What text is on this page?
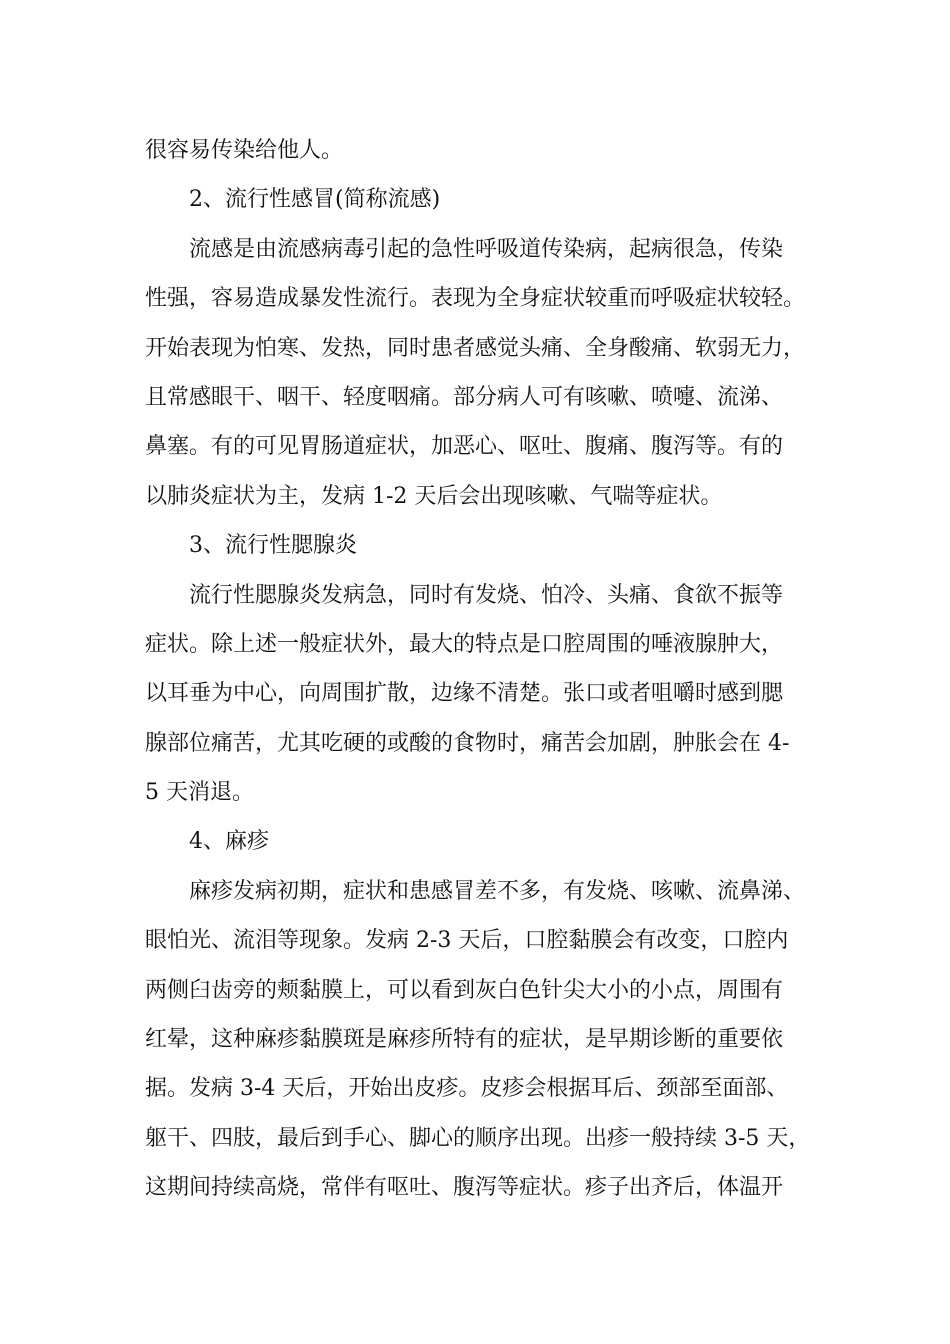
很容易传染给他人。
2、流行性感冒(简称流感)
流感是由流感病毒引起的急性呼吸道传染病，起病很急，传染
性强，容易造成暴发性流行。表现为全身症状较重而呼吸症状较轻。
开始表现为怕寒、发热，同时患者感觉头痛、全身酸痛、软弱无力，
且常感眼干、咽干、轻度咽痛。部分病人可有咳嗽、喷嚏、流涕、
鼻塞。有的可见胃肠道症状，加恶心、呕吐、腹痛、腹泻等。有的
以肺炎症状为主，发病 1-2 天后会出现咳嗽、气喘等症状。
3、流行性腮腺炎
流行性腮腺炎发病急，同时有发烧、怕冷、头痛、食欲不振等
症状。除上述一般症状外，最大的特点是口腔周围的唾液腺肿大，
以耳垂为中心，向周围扩散，边缘不清楚。张口或者咀嚼时感到腮
腺部位痛苦，尤其吃硬的或酸的食物时，痛苦会加剧，肿胀会在 4-
5 天消退。
4、麻疹
麻疹发病初期，症状和患感冒差不多，有发烧、咳嗽、流鼻涕、
眼怕光、流泪等现象。发病 2-3 天后，口腔黏膜会有改变，口腔内
两侧臼齿旁的颊黏膜上，可以看到灰白色针尖大小的小点，周围有
红晕，这种麻疹黏膜斑是麻疹所特有的症状，是早期诊断的重要依
据。发病 3-4 天后，开始出皮疹。皮疹会根据耳后、颈部至面部、
躯干、四肢，最后到手心、脚心的顺序出现。出疹一般持续 3-5 天，
这期间持续高烧，常伴有呕吐、腹泻等症状。疹子出齐后，体温开
